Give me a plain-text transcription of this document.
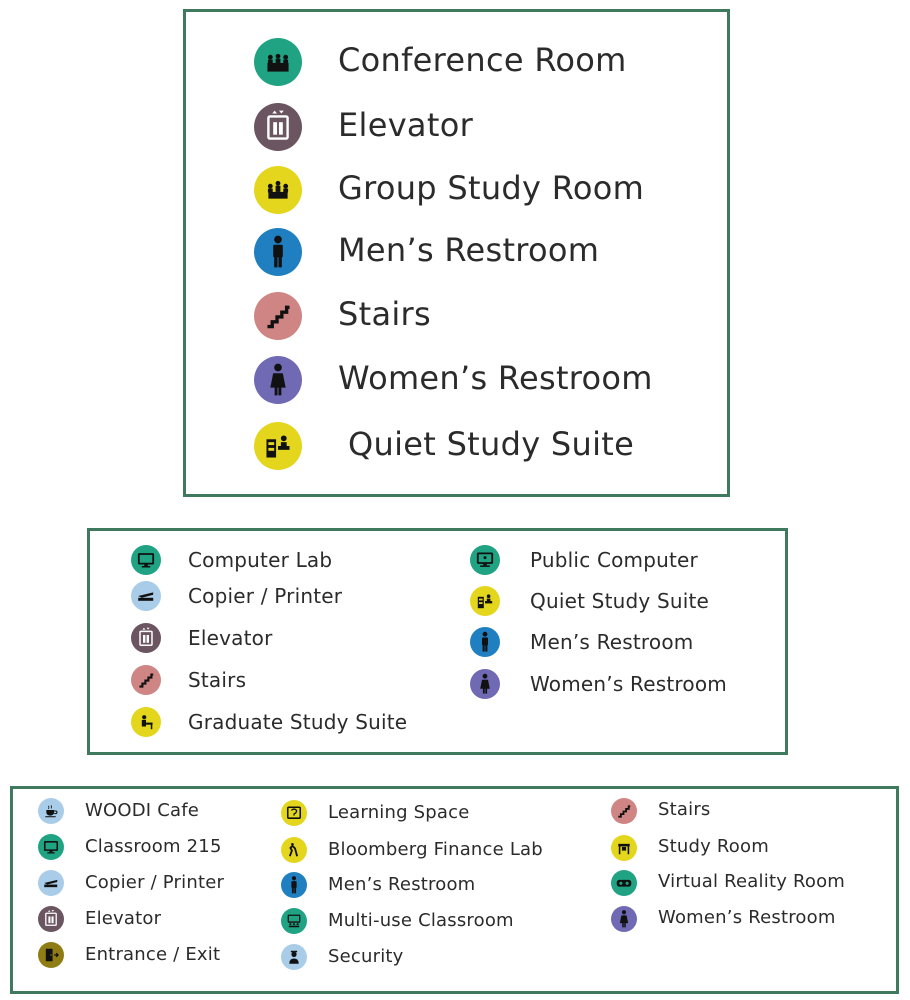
Conference Room
Elevator
Group Study Room
Men’s Restroom
Stairs
Women’s Restroom
Quiet Study Suite
Computer Lab
Copier / Printer
Elevator
Stairs
Graduate Study Suite
Public Computer
Quiet Study Suite
Men’s Restroom
Women’s Restroom
WOODI Cafe
Classroom 215
Copier / Printer
Elevator
Entrance / Exit
Learning Space
Bloomberg Finance Lab
Men’s Restroom
Multi-use Classroom
Security
Stairs
Study Room
Virtual Reality Room
Women’s Restroom
